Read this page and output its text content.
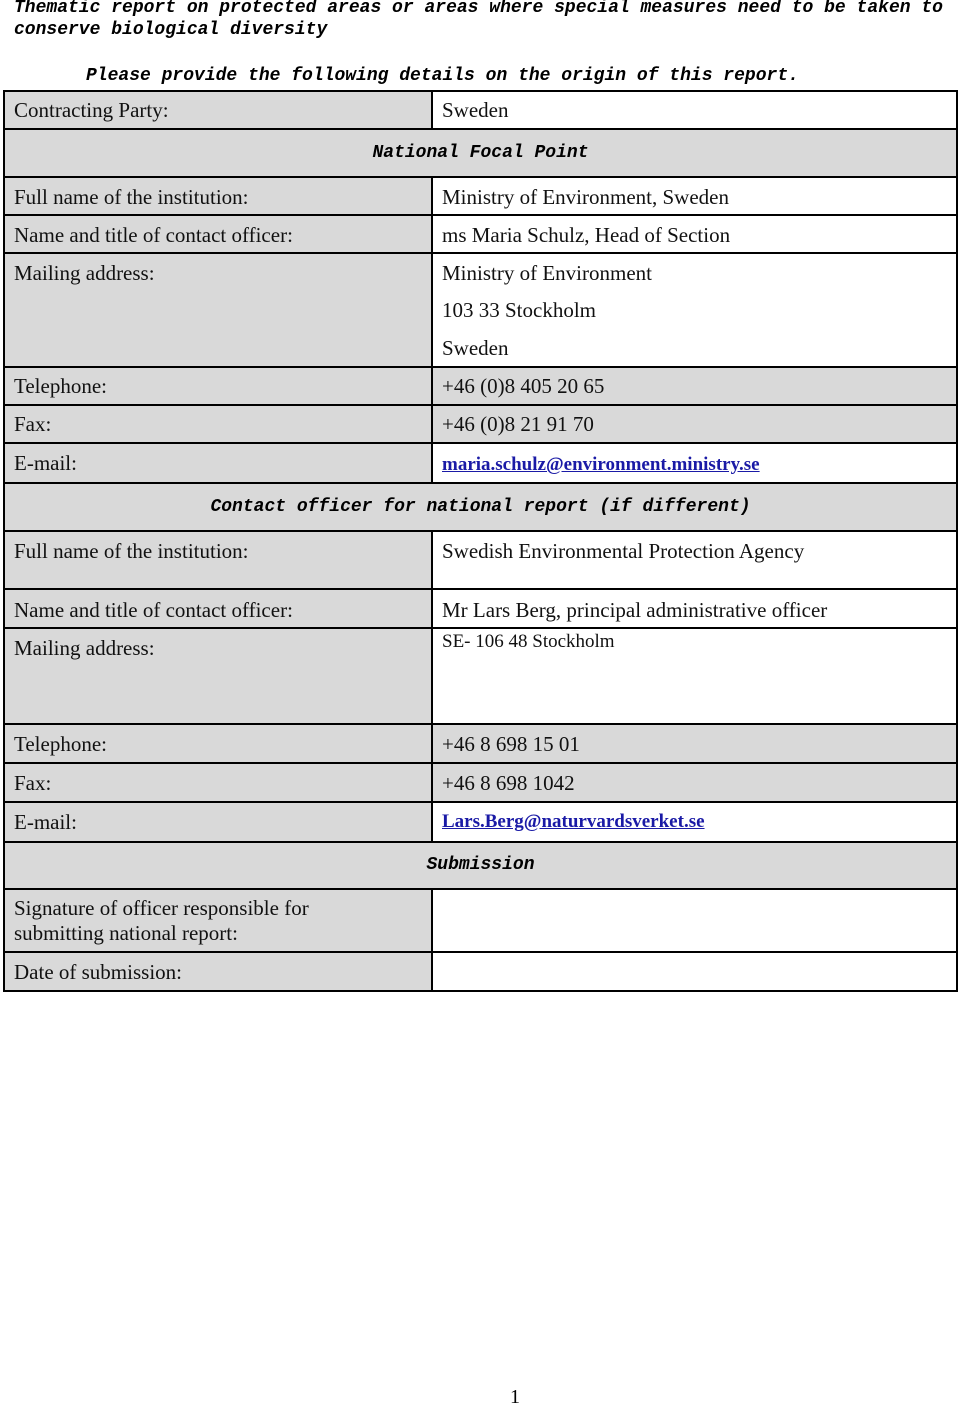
Thematic report on protected areas or areas where special measures need to be taken to conserve biological diversity
Please provide the following details on the origin of this report.
Contracting Party:	Sweden
National Focal Point
Full name of the institution:	Ministry of Environment, Sweden
Name and title of contact officer:	ms Maria Schulz, Head of Section
Mailing address:	Ministry of Environment
103 33 Stockholm
Sweden
Telephone:	+46 (0)8 405 20 65
Fax:	+46 (0)8 21 91 70
E-mail:	maria.schulz@environment.ministry.se
Contact officer for national report (if different)
Full name of the institution:	Swedish Environmental Protection Agency
Name and title of contact officer:	Mr Lars Berg, principal administrative officer
Mailing address:	SE- 106 48 Stockholm
Telephone:	+46 8 698 15 01
Fax:	+46 8 698 1042
E-mail:	Lars.Berg@naturvardsverket.se
Submission
Signature of officer responsible for
submitting national report:
Date of submission:
1
